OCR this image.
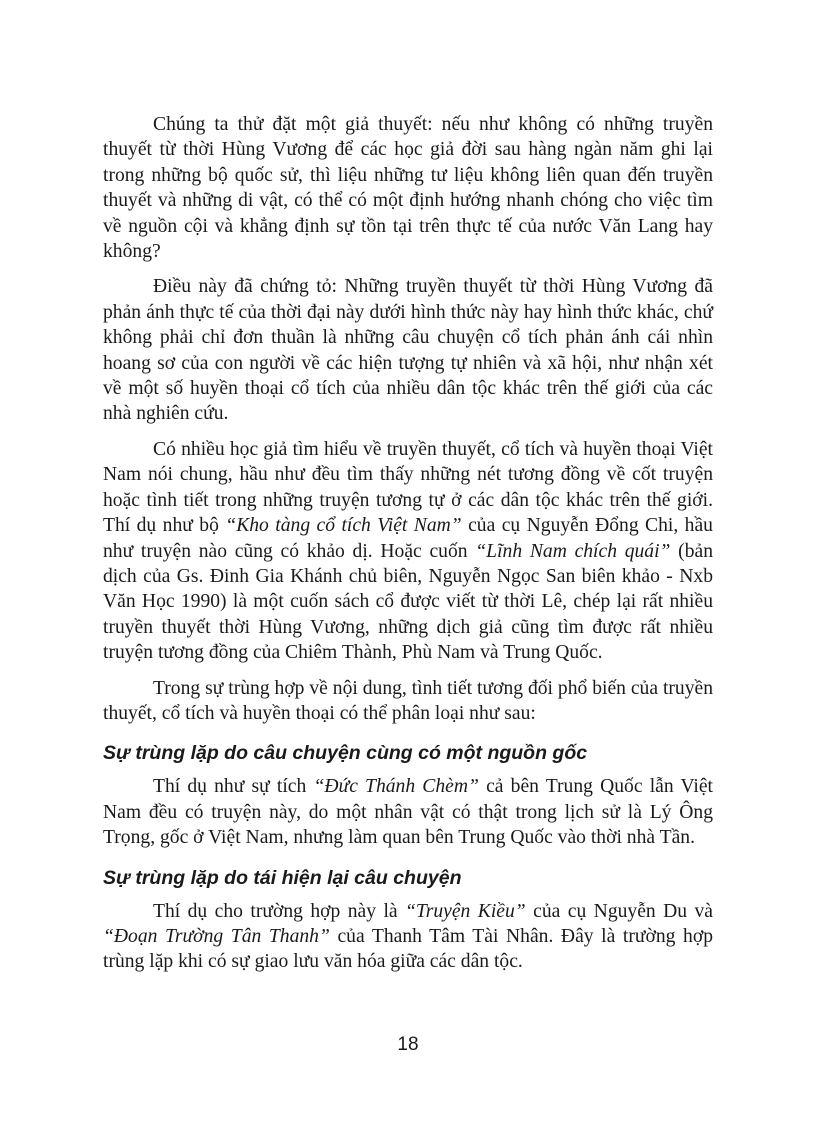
Chúng ta thử đặt một giả thuyết: nếu như không có những truyền thuyết từ thời Hùng Vương để các học giả đời sau hàng ngàn năm ghi lại trong những bộ quốc sử, thì liệu những tư liệu không liên quan đến truyền thuyết và những di vật, có thể có một định hướng nhanh chóng cho việc tìm về nguồn cội và khẳng định sự tồn tại trên thực tế của nước Văn Lang hay không?

Điều này đã chứng tỏ: Những truyền thuyết từ thời Hùng Vương đã phản ánh thực tế của thời đại này dưới hình thức này hay hình thức khác, chứ không phải chỉ đơn thuần là những câu chuyện cổ tích phản ánh cái nhìn hoang sơ của con người về các hiện tượng tự nhiên và xã hội, như nhận xét về một số huyền thoại cổ tích của nhiều dân tộc khác trên thế giới của các nhà nghiên cứu.

Có nhiều học giả tìm hiểu về truyền thuyết, cổ tích và huyền thoại Việt Nam nói chung, hầu như đều tìm thấy những nét tương đồng về cốt truyện hoặc tình tiết trong những truyện tương tự ở các dân tộc khác trên thế giới. Thí dụ như bộ “Kho tàng cổ tích Việt Nam” của cụ Nguyễn Đổng Chi, hầu như truyện nào cũng có khảo dị. Hoặc cuốn “Lĩnh Nam chích quái” (bản dịch của Gs. Đinh Gia Khánh chủ biên, Nguyễn Ngọc San biên khảo - Nxb Văn Học 1990) là một cuốn sách cổ được viết từ thời Lê, chép lại rất nhiều truyền thuyết thời Hùng Vương, những dịch giả cũng tìm được rất nhiều truyện tương đồng của Chiêm Thành, Phù Nam và Trung Quốc.

Trong sự trùng hợp về nội dung, tình tiết tương đối phổ biến của truyền thuyết, cổ tích và huyền thoại có thể phân loại như sau:

Sự trùng lặp do câu chuyện cùng có một nguồn gốc

Thí dụ như sự tích “Đức Thánh Chèm” cả bên Trung Quốc lẫn Việt Nam đều có truyện này, do một nhân vật có thật trong lịch sử là Lý Ông Trọng, gốc ở Việt Nam, nhưng làm quan bên Trung Quốc vào thời nhà Tần.

Sự trùng lặp do tái hiện lại câu chuyện

Thí dụ cho trường hợp này là “Truyện Kiều” của cụ Nguyễn Du và “Đoạn Trường Tân Thanh” của Thanh Tâm Tài Nhân. Đây là trường hợp trùng lặp khi có sự giao lưu văn hóa giữa các dân tộc.

18
